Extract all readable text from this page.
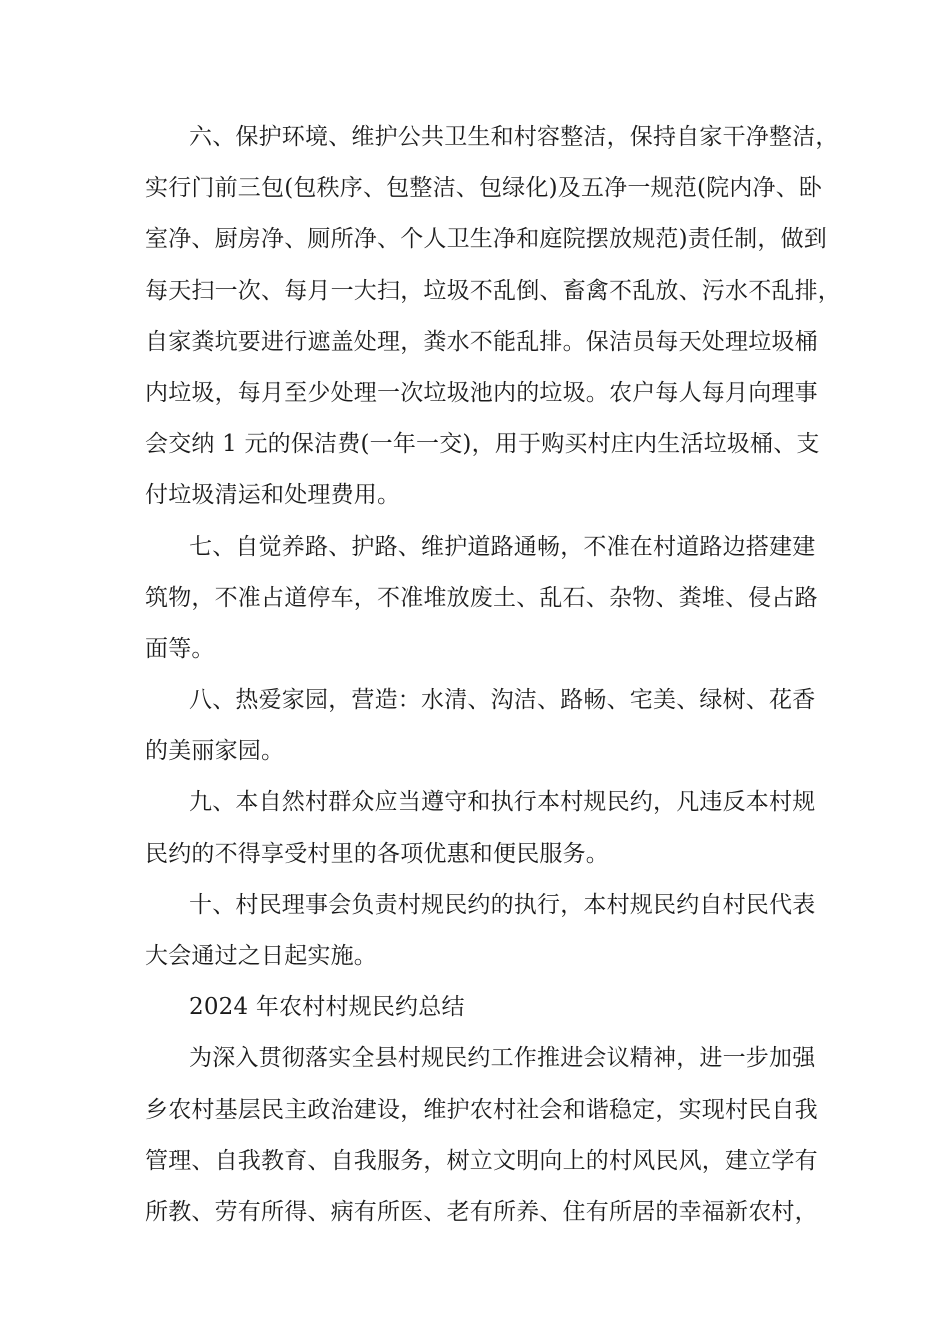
六、保护环境、维护公共卫生和村容整洁，保持自家干净整洁，
实行门前三包(包秩序、包整洁、包绿化)及五净一规范(院内净、卧
室净、厨房净、厕所净、个人卫生净和庭院摆放规范)责任制，做到
每天扫一次、每月一大扫，垃圾不乱倒、畜禽不乱放、污水不乱排，
自家粪坑要进行遮盖处理，粪水不能乱排。保洁员每天处理垃圾桶
内垃圾，每月至少处理一次垃圾池内的垃圾。农户每人每月向理事
会交纳 1 元的保洁费(一年一交)，用于购买村庄内生活垃圾桶、支
付垃圾清运和处理费用。
七、自觉养路、护路、维护道路通畅，不准在村道路边搭建建
筑物，不准占道停车，不准堆放废土、乱石、杂物、粪堆、侵占路
面等。
八、热爱家园，营造：水清、沟洁、路畅、宅美、绿树、花香
的美丽家园。
九、本自然村群众应当遵守和执行本村规民约，凡违反本村规
民约的不得享受村里的各项优惠和便民服务。
十、村民理事会负责村规民约的执行，本村规民约自村民代表
大会通过之日起实施。
2024 年农村村规民约总结
为深入贯彻落实全县村规民约工作推进会议精神，进一步加强
乡农村基层民主政治建设，维护农村社会和谐稳定，实现村民自我
管理、自我教育、自我服务，树立文明向上的村风民风，建立学有
所教、劳有所得、病有所医、老有所养、住有所居的幸福新农村，
